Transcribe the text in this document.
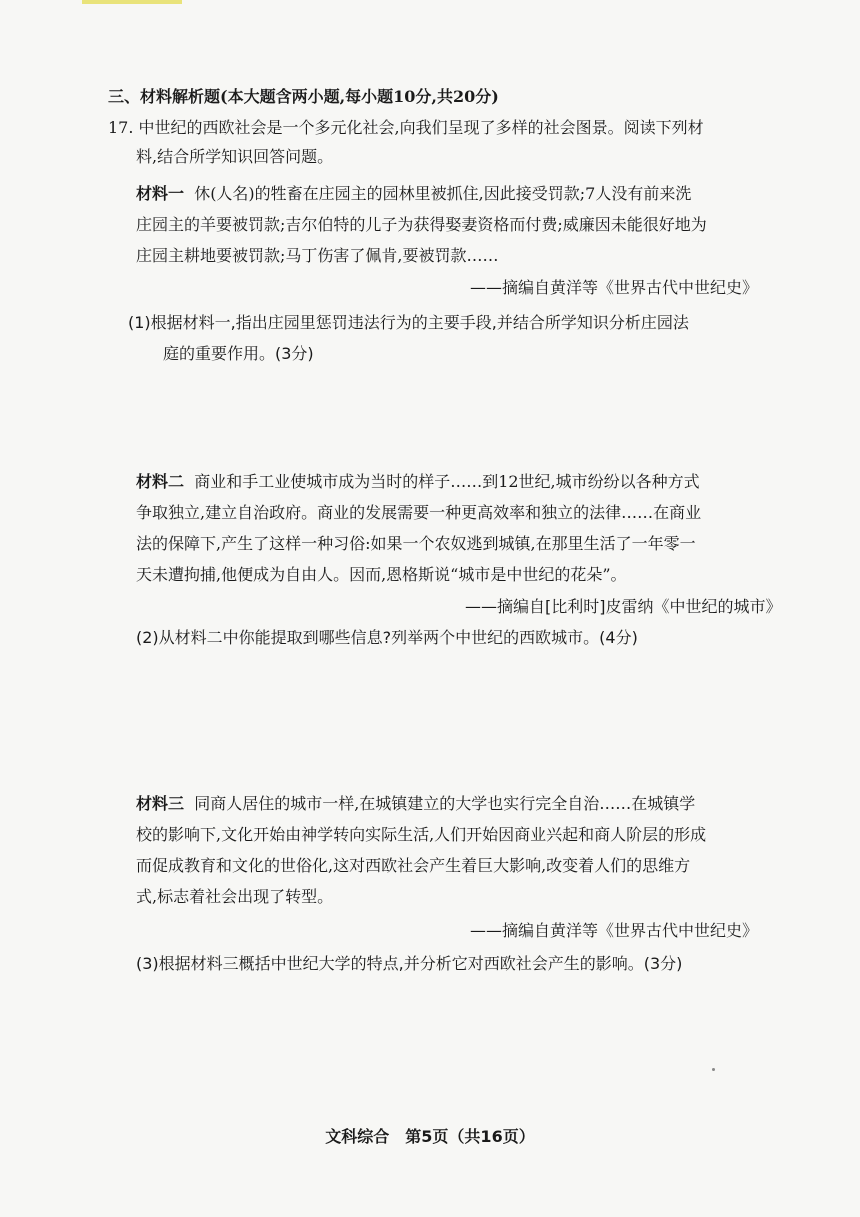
三、材料解析题(本大题含两小题,每小题10分,共20分)
17. 中世纪的西欧社会是一个多元化社会,向我们呈现了多样的社会图景。阅读下列材
料,结合所学知识回答问题。
材料一 休(人名)的牲畜在庄园主的园林里被抓住,因此接受罚款;7人没有前来洗
庄园主的羊要被罚款;吉尔伯特的儿子为获得娶妻资格而付费;威廉因未能很好地为
庄园主耕地要被罚款;马丁伤害了佩肯,要被罚款……
——摘编自黄洋等《世界古代中世纪史》
(1)根据材料一,指出庄园里惩罚违法行为的主要手段,并结合所学知识分析庄园法
庭的重要作用。(3分)
材料二 商业和手工业使城市成为当时的样子……到12世纪,城市纷纷以各种方式
争取独立,建立自治政府。商业的发展需要一种更高效率和独立的法律……在商业
法的保障下,产生了这样一种习俗:如果一个农奴逃到城镇,在那里生活了一年零一
天未遭拘捕,他便成为自由人。因而,恩格斯说“城市是中世纪的花朵”。
——摘编自[比利时]皮雷纳《中世纪的城市》
(2)从材料二中你能提取到哪些信息?列举两个中世纪的西欧城市。(4分)
材料三 同商人居住的城市一样,在城镇建立的大学也实行完全自治……在城镇学
校的影响下,文化开始由神学转向实际生活,人们开始因商业兴起和商人阶层的形成
而促成教育和文化的世俗化,这对西欧社会产生着巨大影响,改变着人们的思维方
式,标志着社会出现了转型。
——摘编自黄洋等《世界古代中世纪史》
(3)根据材料三概括中世纪大学的特点,并分析它对西欧社会产生的影响。(3分)
文科综合　第5页（共16页）
